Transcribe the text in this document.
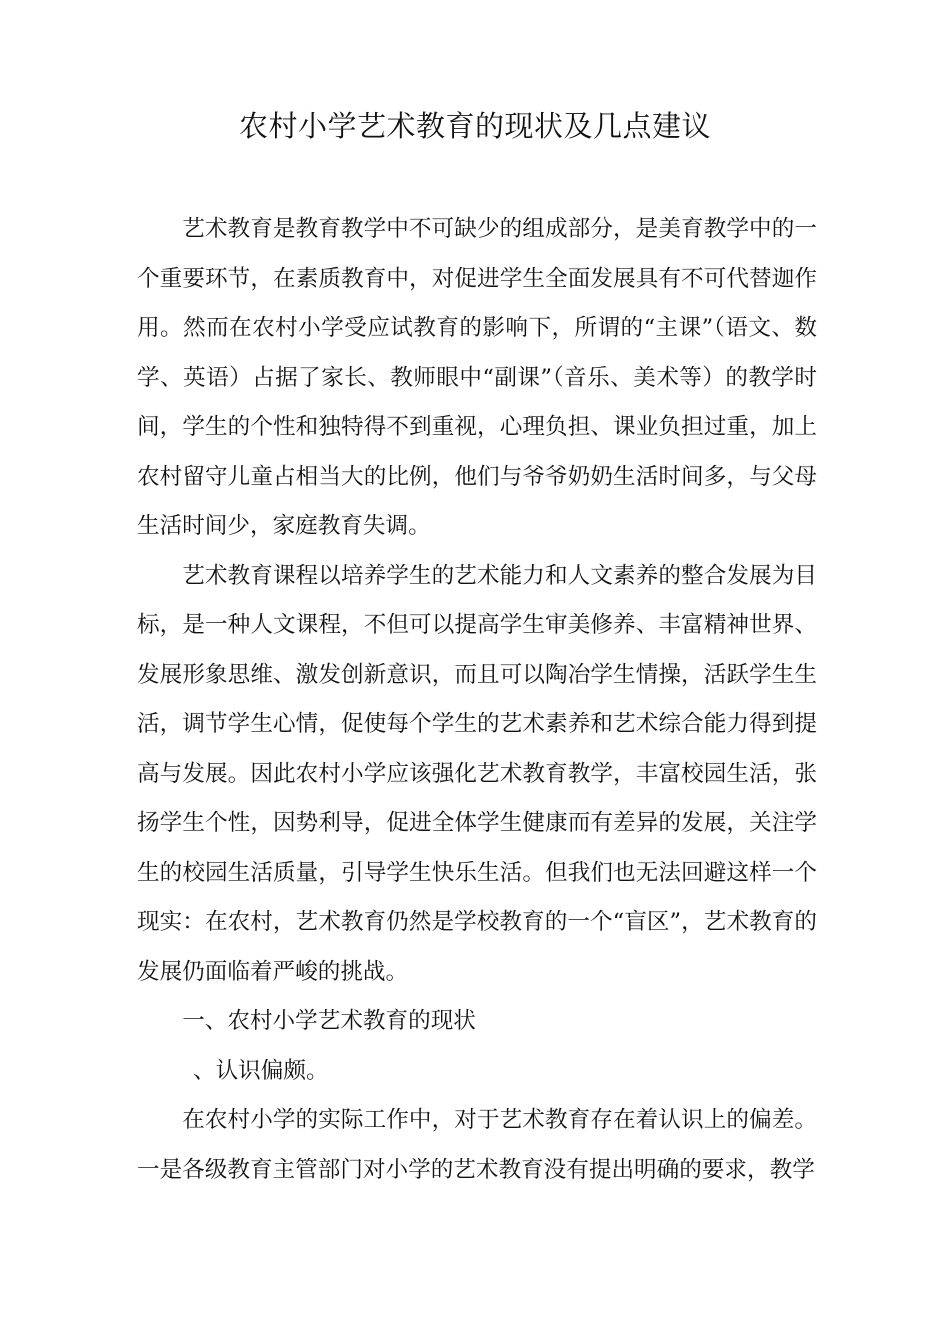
农村小学艺术教育的现状及几点建议

艺术教育是教育教学中不可缺少的组成部分，是美育教学中的一个重要环节，在素质教育中，对促进学生全面发展具有不可代替迦作用。然而在农村小学受应试教育的影响下，所谓的“主课”（语文、数学、英语）占据了家长、教师眼中“副课”（音乐、美术等）的教学时间，学生的个性和独特得不到重视，心理负担、课业负担过重，加上农村留守儿童占相当大的比例，他们与爷爷奶奶生活时间多，与父母生活时间少，家庭教育失调。

艺术教育课程以培养学生的艺术能力和人文素养的整合发展为目标，是一种人文课程，不但可以提高学生审美修养、丰富精神世界、发展形象思维、激发创新意识，而且可以陶冶学生情操，活跃学生生活，调节学生心情，促使每个学生的艺术素养和艺术综合能力得到提高与发展。因此农村小学应该强化艺术教育教学，丰富校园生活，张扬学生个性，因势利导，促进全体学生健康而有差异的发展，关注学生的校园生活质量，引导学生快乐生活。但我们也无法回避这样一个现实：在农村，艺术教育仍然是学校教育的一个“盲区”，艺术教育的发展仍面临着严峻的挑战。

一、农村小学艺术教育的现状

、认识偏颇。

在农村小学的实际工作中，对于艺术教育存在着认识上的偏差。一是各级教育主管部门对小学的艺术教育没有提出明确的要求，教学
